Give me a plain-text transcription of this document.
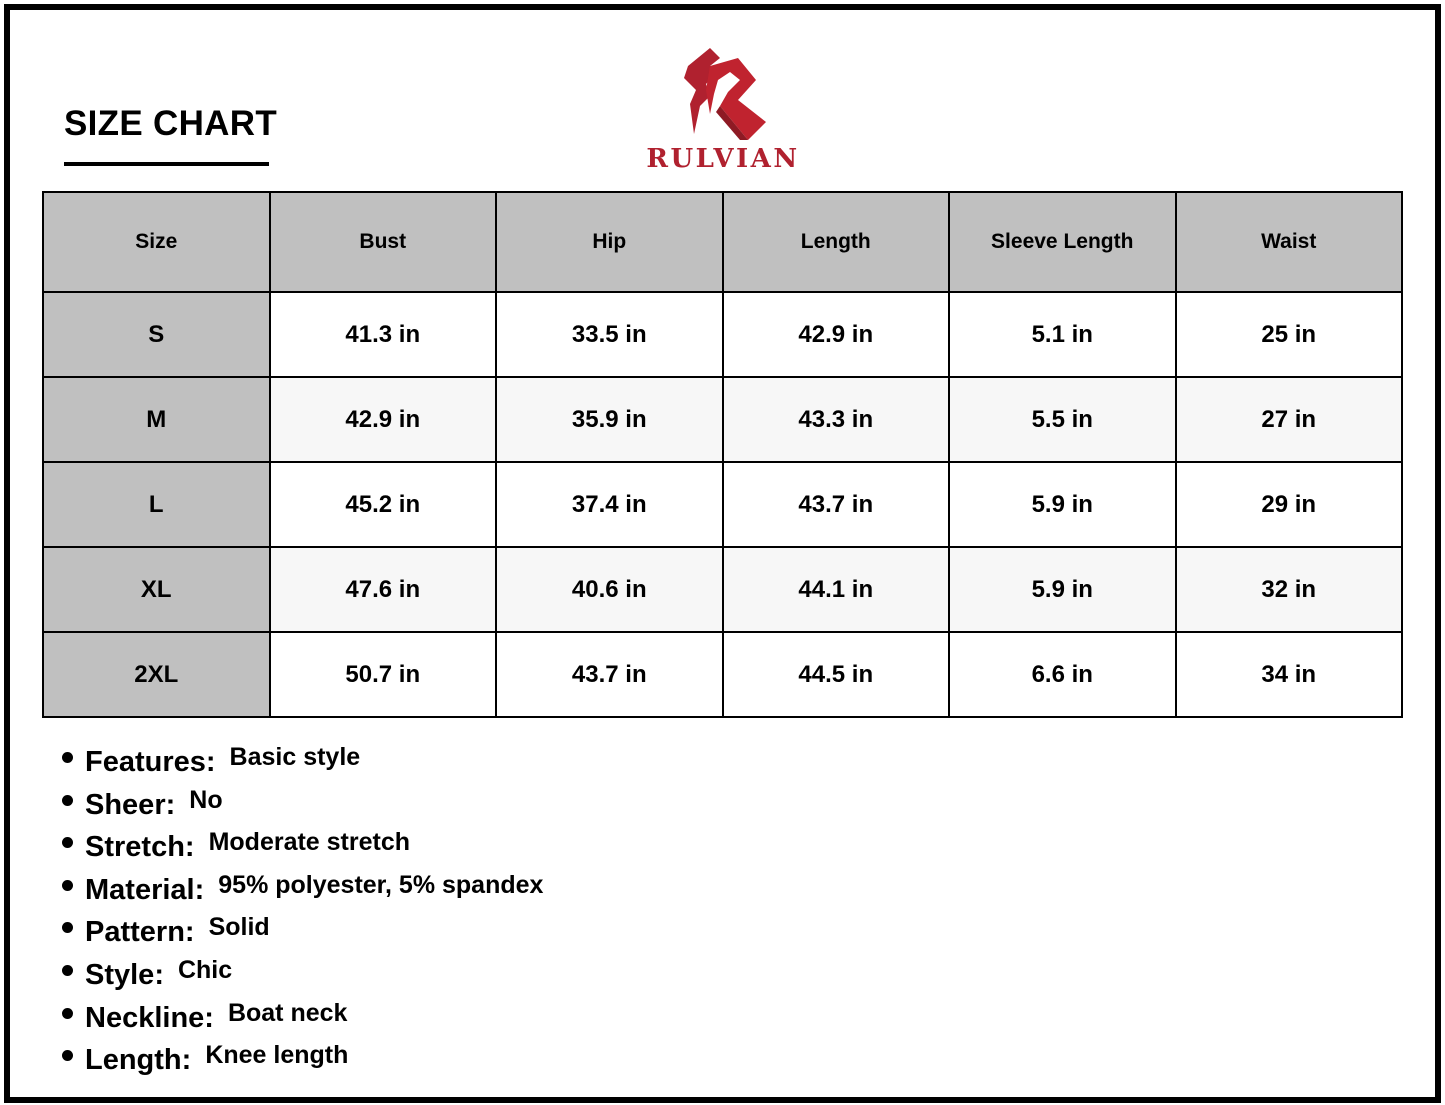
SIZE CHART
RULVIAN
Size	Bust	Hip	Length	Sleeve Length	Waist
S	41.3 in	33.5 in	42.9 in	5.1 in	25 in
M	42.9 in	35.9 in	43.3 in	5.5 in	27 in
L	45.2 in	37.4 in	43.7 in	5.9 in	29 in
XL	47.6 in	40.6 in	44.1 in	5.9 in	32 in
2XL	50.7 in	43.7 in	44.5 in	6.6 in	34 in
Features: Basic style
Sheer: No
Stretch: Moderate stretch
Material: 95% polyester, 5% spandex
Pattern: Solid
Style: Chic
Neckline: Boat neck
Length: Knee length
